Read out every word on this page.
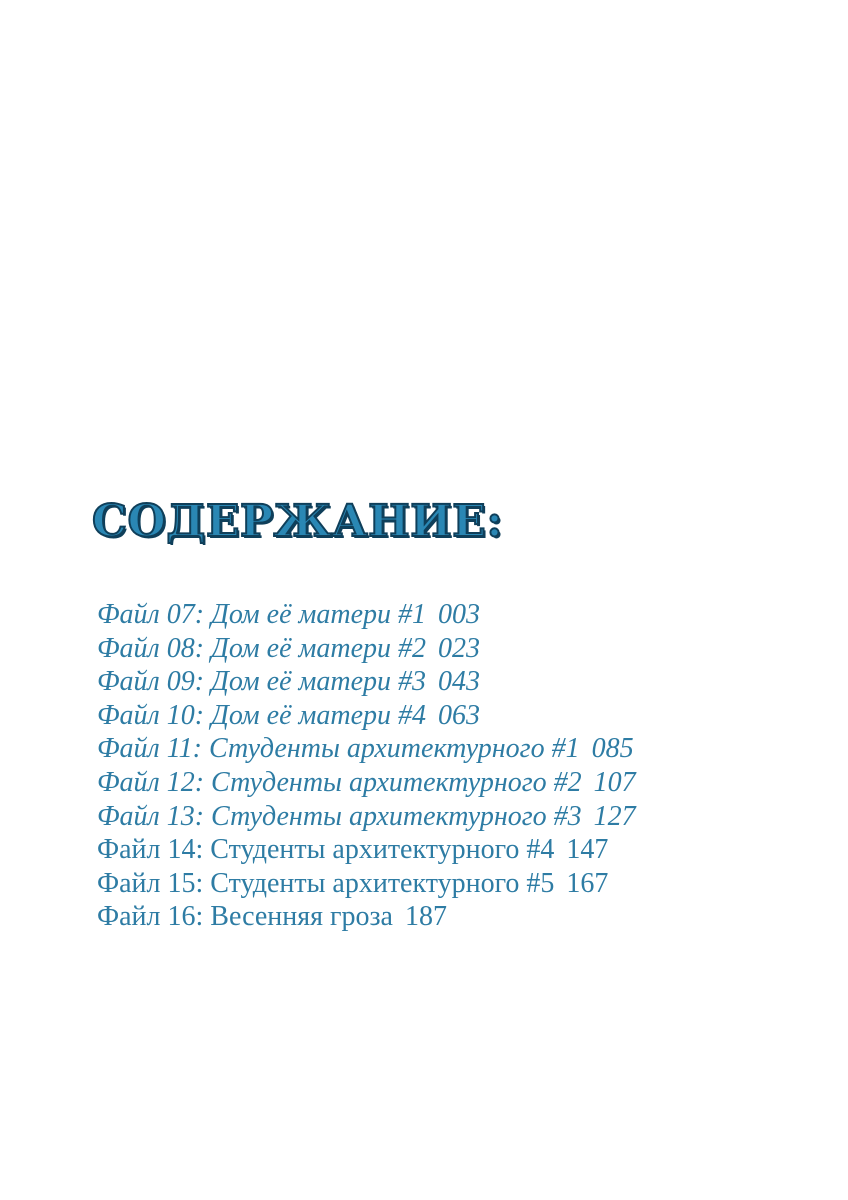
СОДЕРЖАНИЕ:
Файл 07: Дом её матери #1 003
Файл 08: Дом её матери #2 023
Файл 09: Дом её матери #3 043
Файл 10: Дом её матери #4 063
Файл 11: Студенты архитектурного #1 085
Файл 12: Студенты архитектурного #2 107
Файл 13: Студенты архитектурного #3 127
Файл 14: Студенты архитектурного #4 147
Файл 15: Студенты архитектурного #5 167
Файл 16: Весенняя гроза 187
